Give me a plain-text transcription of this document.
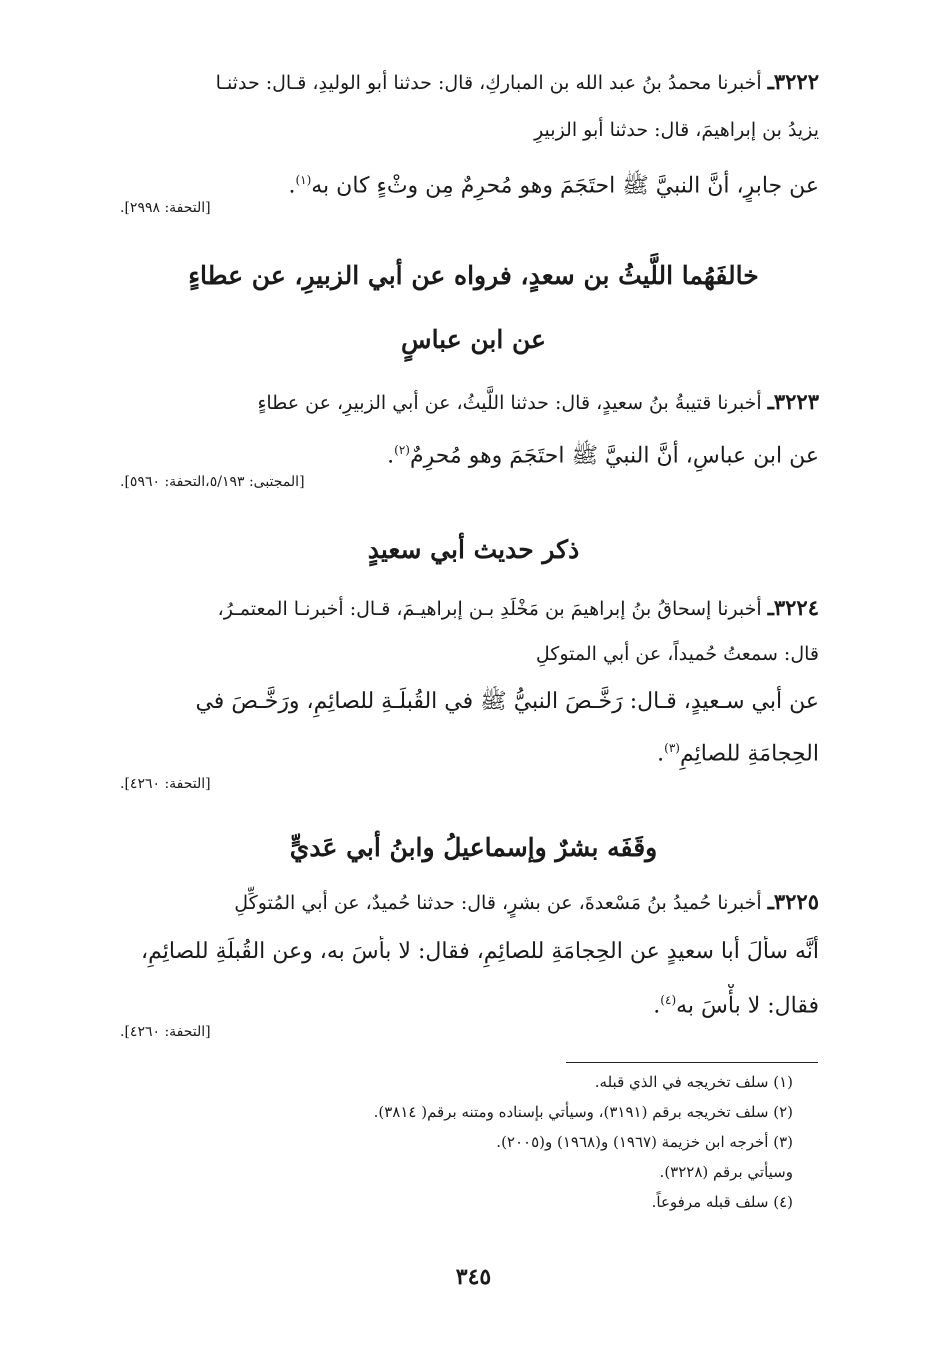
٣٢٢٢ـ أخبرنا محمدُ بنُ عبد الله بن المباركِ، قال: حدثنا أبو الوليدِ، قـال: حدثنـا
يزيدُ بن إبراهيمَ، قال: حدثنا أبو الزبيرِ
عن جابرٍ، أنَّ النبيَّ ﷺ احتَجَمَ وهو مُحرِمٌ مِن وثْءٍ كان به$^{(١)}$.
[التحفة: ٢٩٩٨].
خالفَهُما اللَّيثُ بن سعدٍ، فرواه عن أبي الزبيرِ، عن عطاءٍ
عن ابن عباسٍ
٣٢٢٣ـ أخبرنا قتيبةُ بنُ سعيدٍ، قال: حدثنا اللَّيثُ، عن أبي الزبيرِ، عن عطاءٍ
عن ابن عباسٍ، أنَّ النبيَّ ﷺ احتَجَمَ وهو مُحرِمٌ$^{(٢)}$.
[المجتبى: ٥/١٩٣،التحفة: ٥٩٦٠].
ذكر حديث أبي سعيدٍ
٣٢٢٤ـ أخبرنا إسحاقُ بنُ إبراهيمَ بن مَخْلَدِ بـن إبراهيـمَ، قـال: أخبرنـا المعتمـرُ،
قال: سمعتُ حُميداً، عن أبي المتوكلِ
عن أبي سـعيدٍ، قـال: رَخَّـصَ النبيُّ ﷺ في القُبلَـةِ للصائِمِ، ورَخَّـصَ في
الحِجامَةِ للصائِمِ$^{(٣)}$.
[التحفة: ٤٢٦٠].
وقَفَه بشرٌ وإسماعيلُ وابنُ أبي عَديٍّ
٣٢٢٥ـ أخبرنا حُميدُ بنُ مَسْعدةَ، عن بشرٍ، قال: حدثنا حُميدٌ، عن أبي المُتوكِّلِ
أنَّه سأَلَ أبا سعيدٍ عن الحِجامَةِ للصائِمِ، فقال: لا بأْسَ به، وعن القُبلَةِ للصائِمِ،
فقال: لا بأْسَ به$^{(٤)}$.
[التحفة: ٤٢٦٠].
(١) سلف تخريجه في الذي قبله.
(٢) سلف تخريجه برقم (٣١٩١)، وسيأتي بإسناده ومتنه برقم( ٣٨١٤).
(٣) أخرجه ابن خزيمة (١٩٦٧) و(١٩٦٨) و(٢٠٠٥).
وسيأتي برقم (٣٢٢٨).
(٤) سلف قبله مرفوعاً.
٣٤٥
